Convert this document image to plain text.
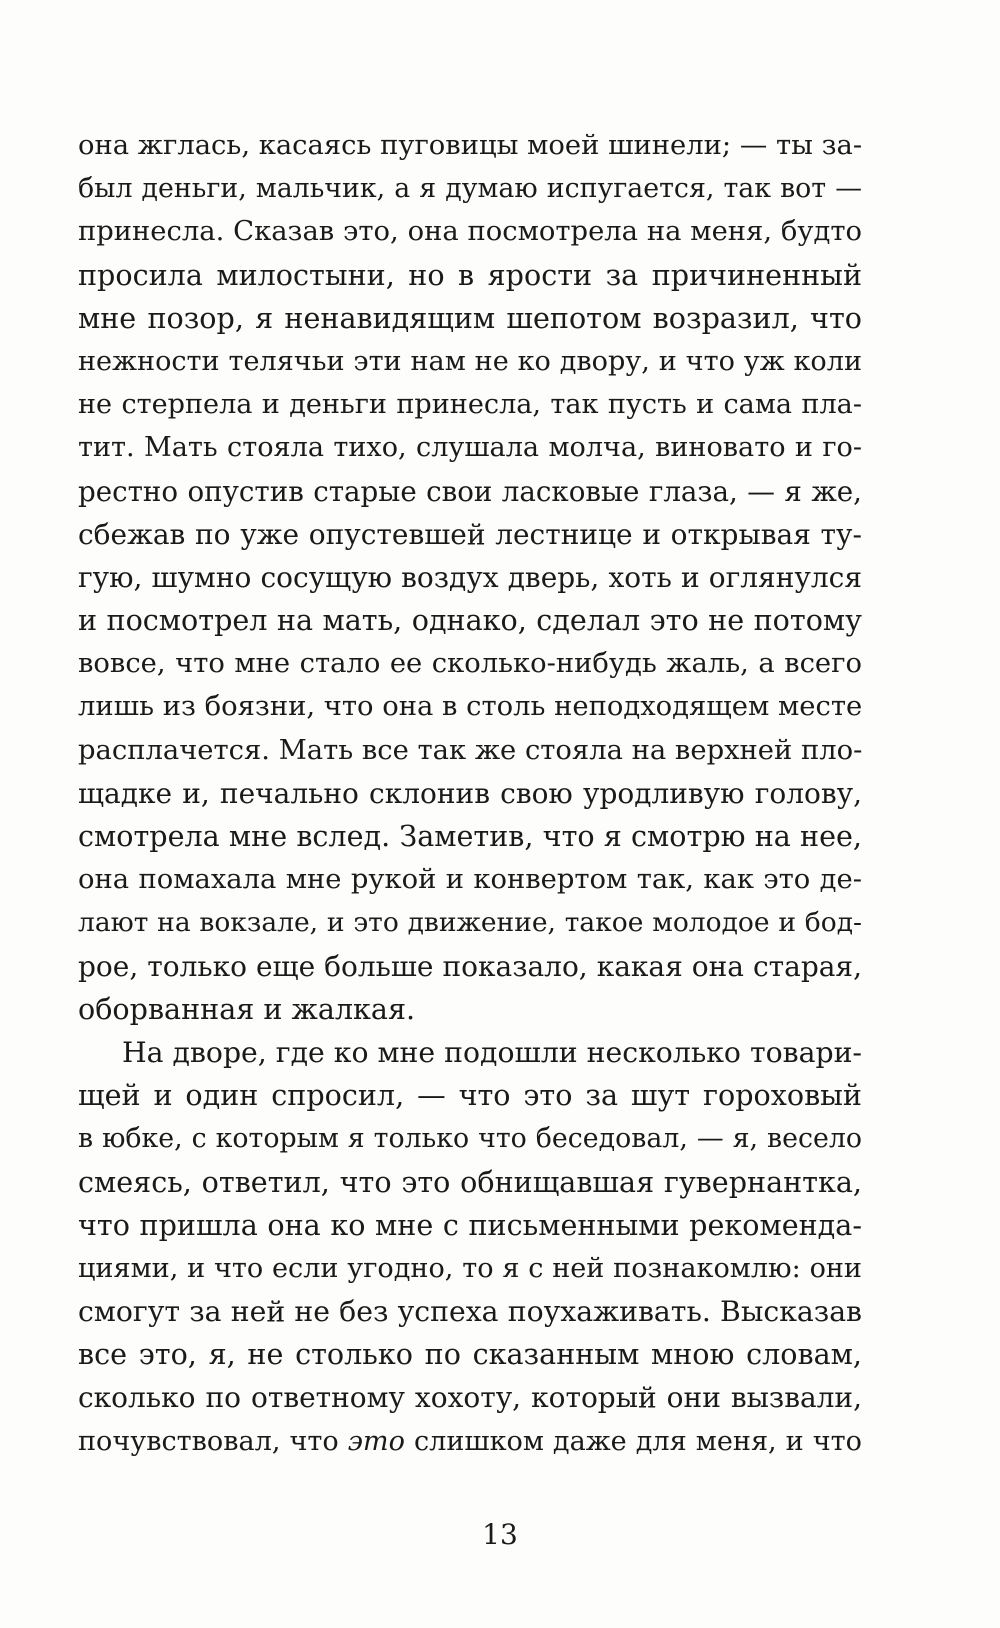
она жглась, касаясь пуговицы моей шинели; — ты за-
был деньги, мальчик, а я думаю испугается, так вот —
принесла. Сказав это, она посмотрела на меня, будто
просила милостыни, но в ярости за причиненный
мне позор, я ненавидящим шепотом возразил, что
нежности телячьи эти нам не ко двору, и что уж коли
не стерпела и деньги принесла, так пусть и сама пла-
тит. Мать стояла тихо, слушала молча, виновато и го-
рестно опустив старые свои ласковые глаза, — я же,
сбежав по уже опустевшей лестнице и открывая ту-
гую, шумно сосущую воздух дверь, хоть и оглянулся
и посмотрел на мать, однако, сделал это не потому
вовсе, что мне стало ее сколько-нибудь жаль, а всего
лишь из боязни, что она в столь неподходящем месте
расплачется. Мать все так же стояла на верхней пло-
щадке и, печально склонив свою уродливую голову,
смотрела мне вслед. Заметив, что я смотрю на нее,
она помахала мне рукой и конвертом так, как это де-
лают на вокзале, и это движение, такое молодое и бод-
рое, только еще больше показало, какая она старая,
оборванная и жалкая.
На дворе, где ко мне подошли несколько товари-
щей и один спросил, — что это за шут гороховый
в юбке, с которым я только что беседовал, — я, весело
смеясь, ответил, что это обнищавшая гувернантка,
что пришла она ко мне с письменными рекоменда-
циями, и что если угодно, то я с ней познакомлю: они
смогут за ней не без успеха поухаживать. Высказав
все это, я, не столько по сказанным мною словам,
сколько по ответному хохоту, который они вызвали,
почувствовал, что это слишком даже для меня, и что
13
